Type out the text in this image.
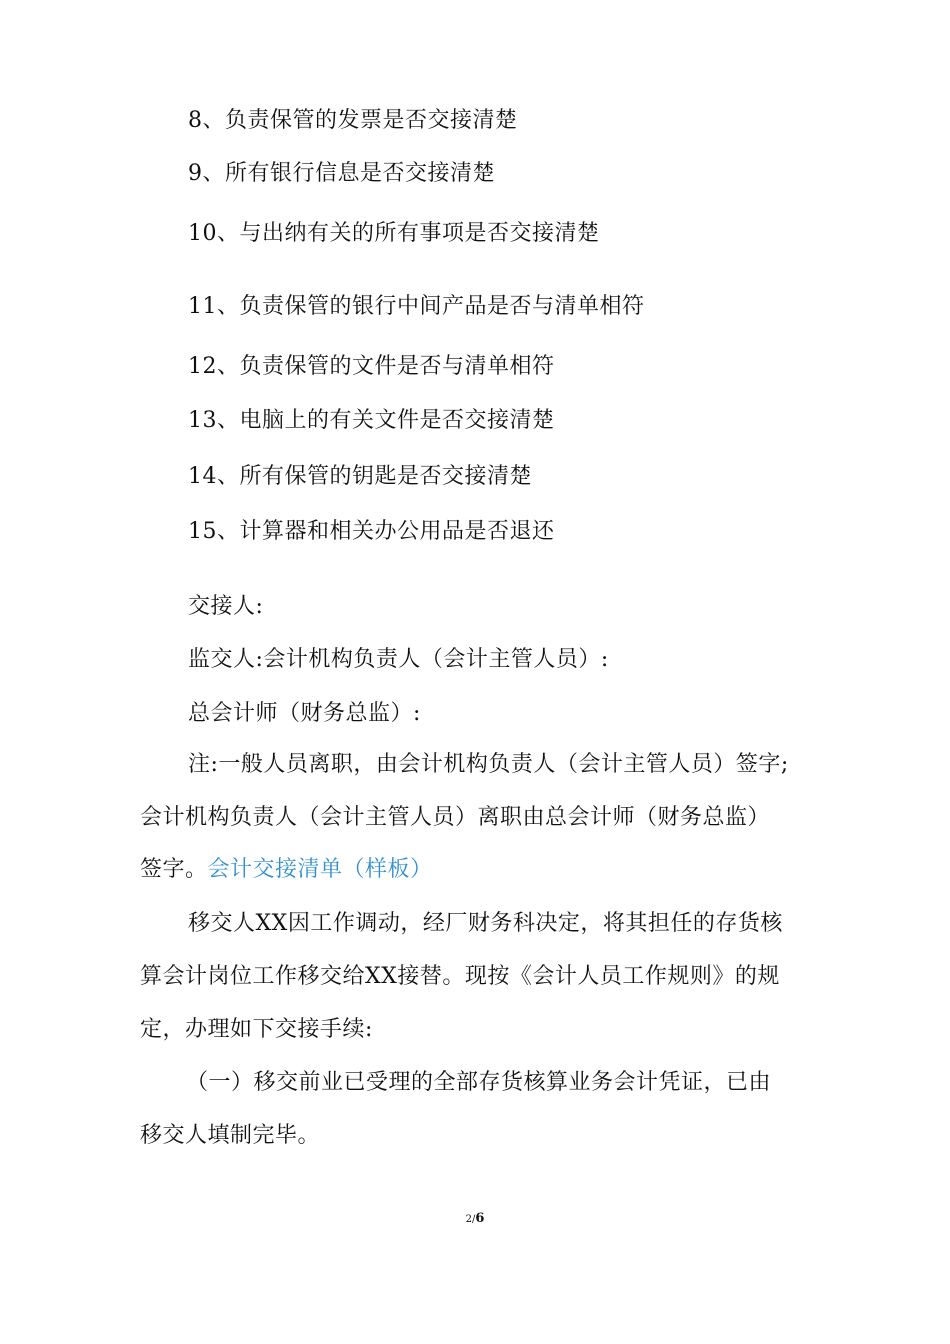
8、负责保管的发票是否交接清楚
9、所有银行信息是否交接清楚
10、与出纳有关的所有事项是否交接清楚
11、负责保管的银行中间产品是否与清单相符
12、负责保管的文件是否与清单相符
13、电脑上的有关文件是否交接清楚
14、所有保管的钥匙是否交接清楚
15、计算器和相关办公用品是否退还
交接人:
监交人:会计机构负责人（会计主管人员）:
总会计师（财务总监）:
注:一般人员离职，由会计机构负责人（会计主管人员）签字;
会计机构负责人（会计主管人员）离职由总会计师（财务总监）
签字。会计交接清单（样板）
移交人XX因工作调动，经厂财务科决定，将其担任的存货核
算会计岗位工作移交给XX接替。现按《会计人员工作规则》的规
定，办理如下交接手续:
（一）移交前业已受理的全部存货核算业务会计凭证，已由
移交人填制完毕。
2/6
